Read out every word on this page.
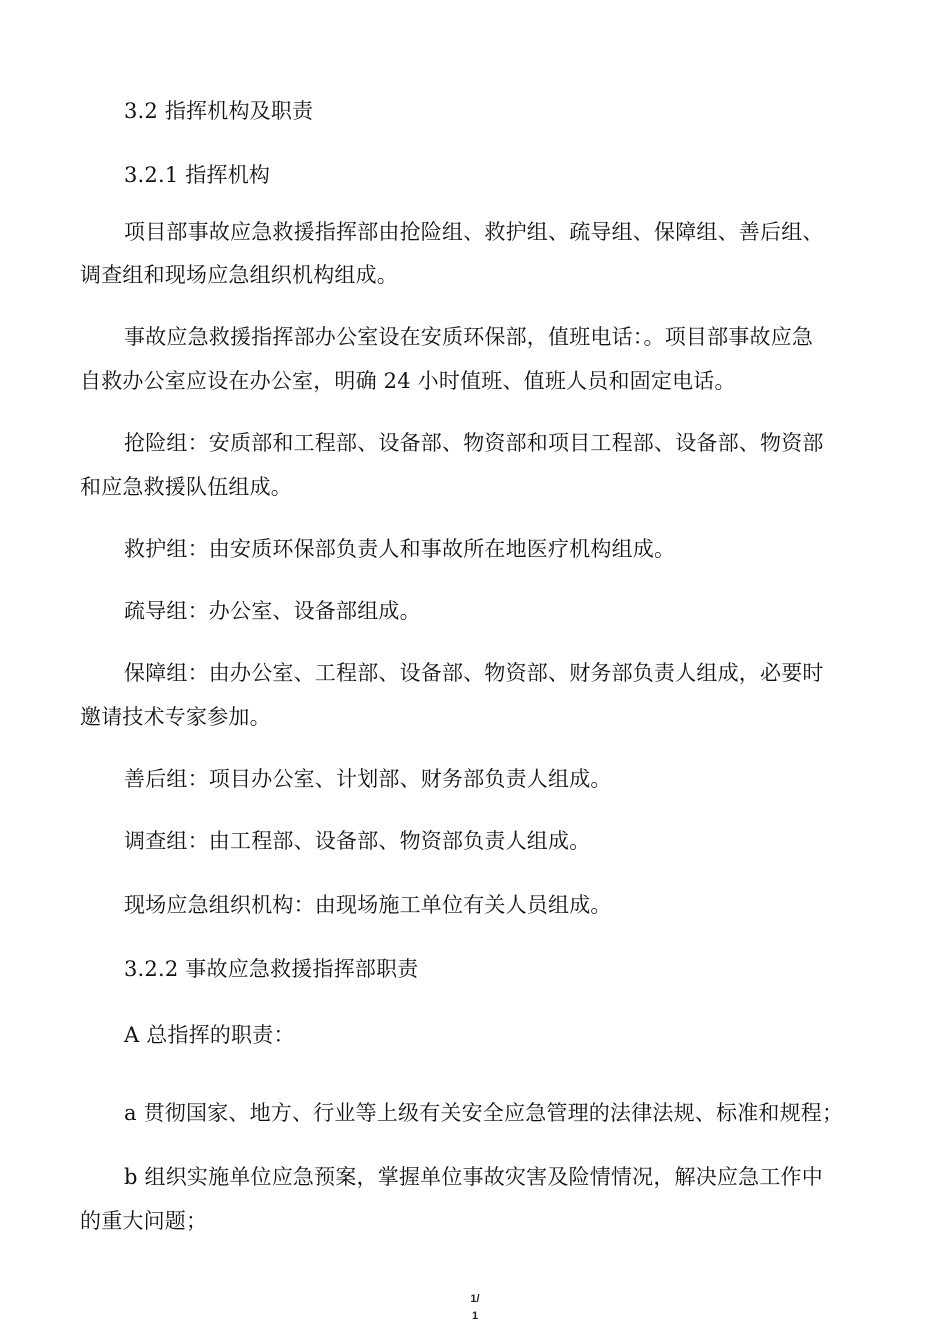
3.2 指挥机构及职责
3.2.1 指挥机构
项目部事故应急救援指挥部由抢险组、救护组、疏导组、保障组、善后组、
调查组和现场应急组织机构组成。
事故应急救援指挥部办公室设在安质环保部，值班电话：。项目部事故应急
自救办公室应设在办公室，明确 24 小时值班、值班人员和固定电话。
抢险组：安质部和工程部、设备部、物资部和项目工程部、设备部、物资部
和应急救援队伍组成。
救护组：由安质环保部负责人和事故所在地医疗机构组成。
疏导组：办公室、设备部组成。
保障组：由办公室、工程部、设备部、物资部、财务部负责人组成，必要时
邀请技术专家参加。
善后组：项目办公室、计划部、财务部负责人组成。
调查组：由工程部、设备部、物资部负责人组成。
现场应急组织机构：由现场施工单位有关人员组成。
3.2.2 事故应急救援指挥部职责
A 总指挥的职责：
a 贯彻国家、地方、行业等上级有关安全应急管理的法律法规、标准和规程；
b 组织实施单位应急预案，掌握单位事故灾害及险情情况，解决应急工作中
的重大问题；
1/
1
